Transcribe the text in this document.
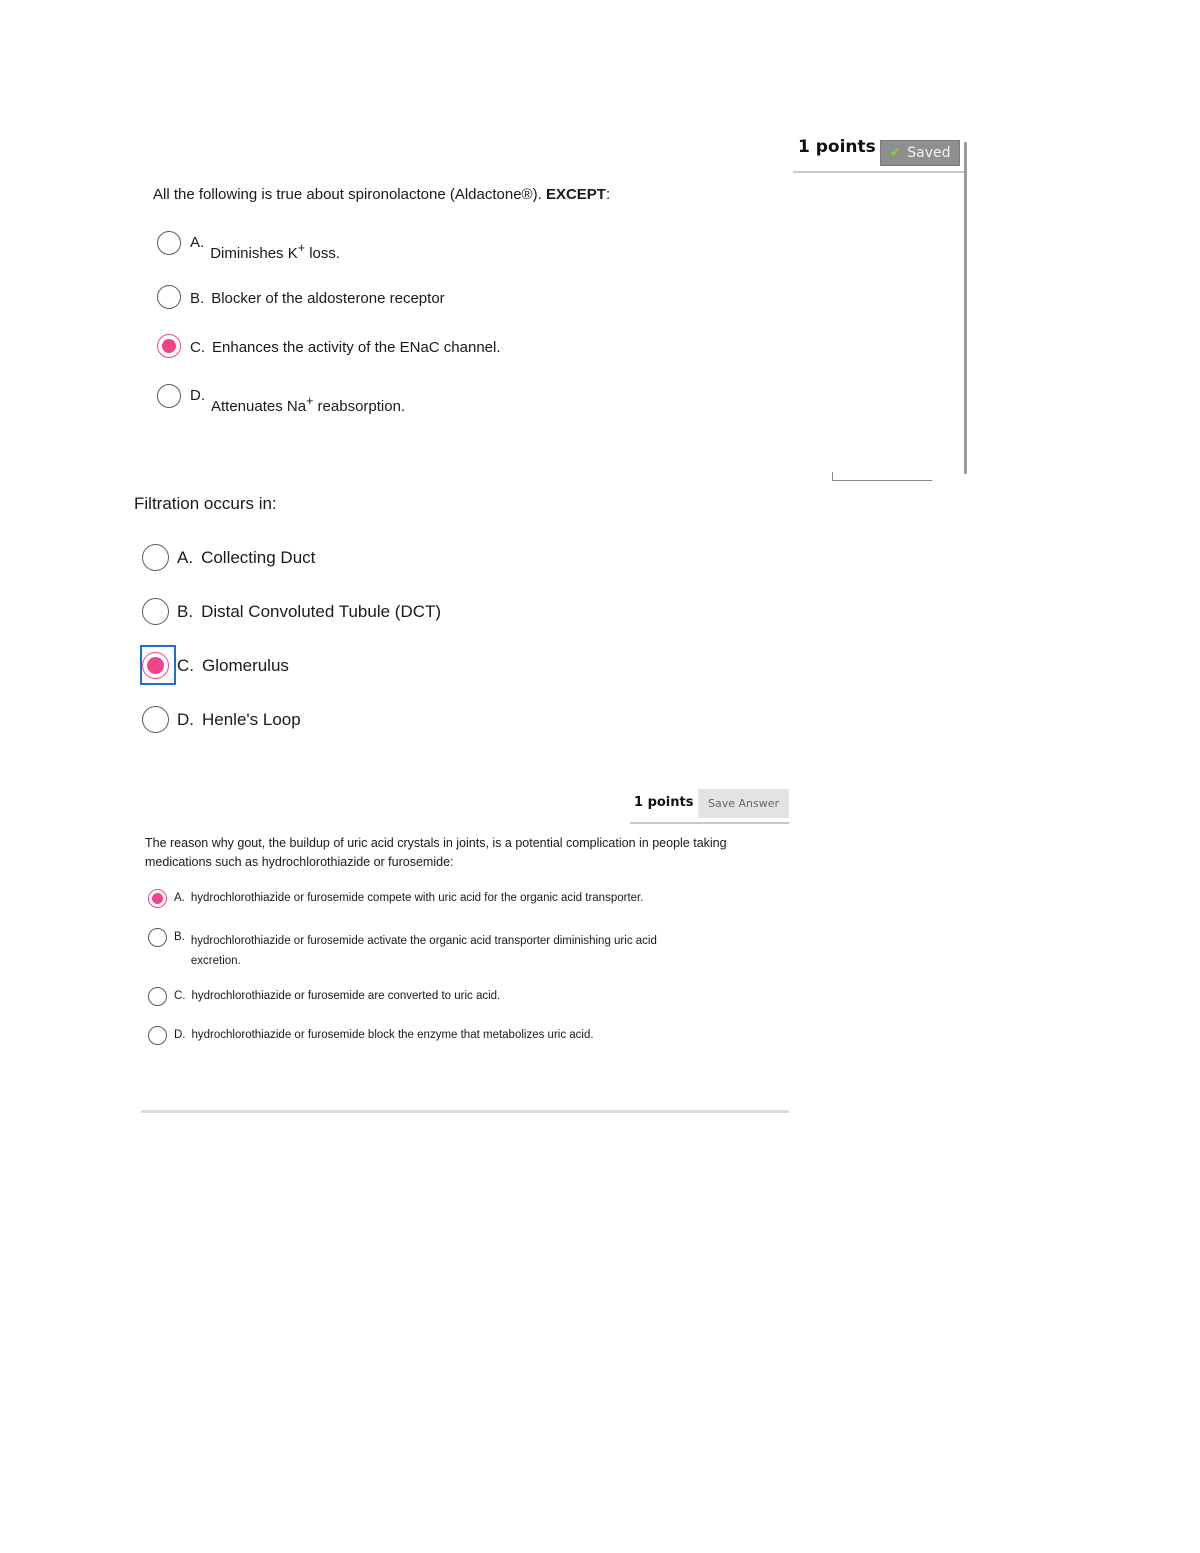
1 points ✔ Saved
All the following is true about spironolactone (Aldactone®). EXCEPT:
A.
Diminishes K+ loss.
B. Blocker of the aldosterone receptor
C. Enhances the activity of the ENaC channel.
D.
Attenuates Na+ reabsorption.
Filtration occurs in:
A. Collecting Duct
B. Distal Convoluted Tubule (DCT)
C. Glomerulus
D. Henle's Loop
1 points	Save Answer
The reason why gout, the buildup of uric acid crystals in joints, is a potential complication in people taking
medications such as hydrochlorothiazide or furosemide:
A. hydrochlorothiazide or furosemide compete with uric acid for the organic acid transporter.
B. hydrochlorothiazide or furosemide activate the organic acid transporter diminishing uric acid
excretion.
C. hydrochlorothiazide or furosemide are converted to uric acid.
D. hydrochlorothiazide or furosemide block the enzyme that metabolizes uric acid.
